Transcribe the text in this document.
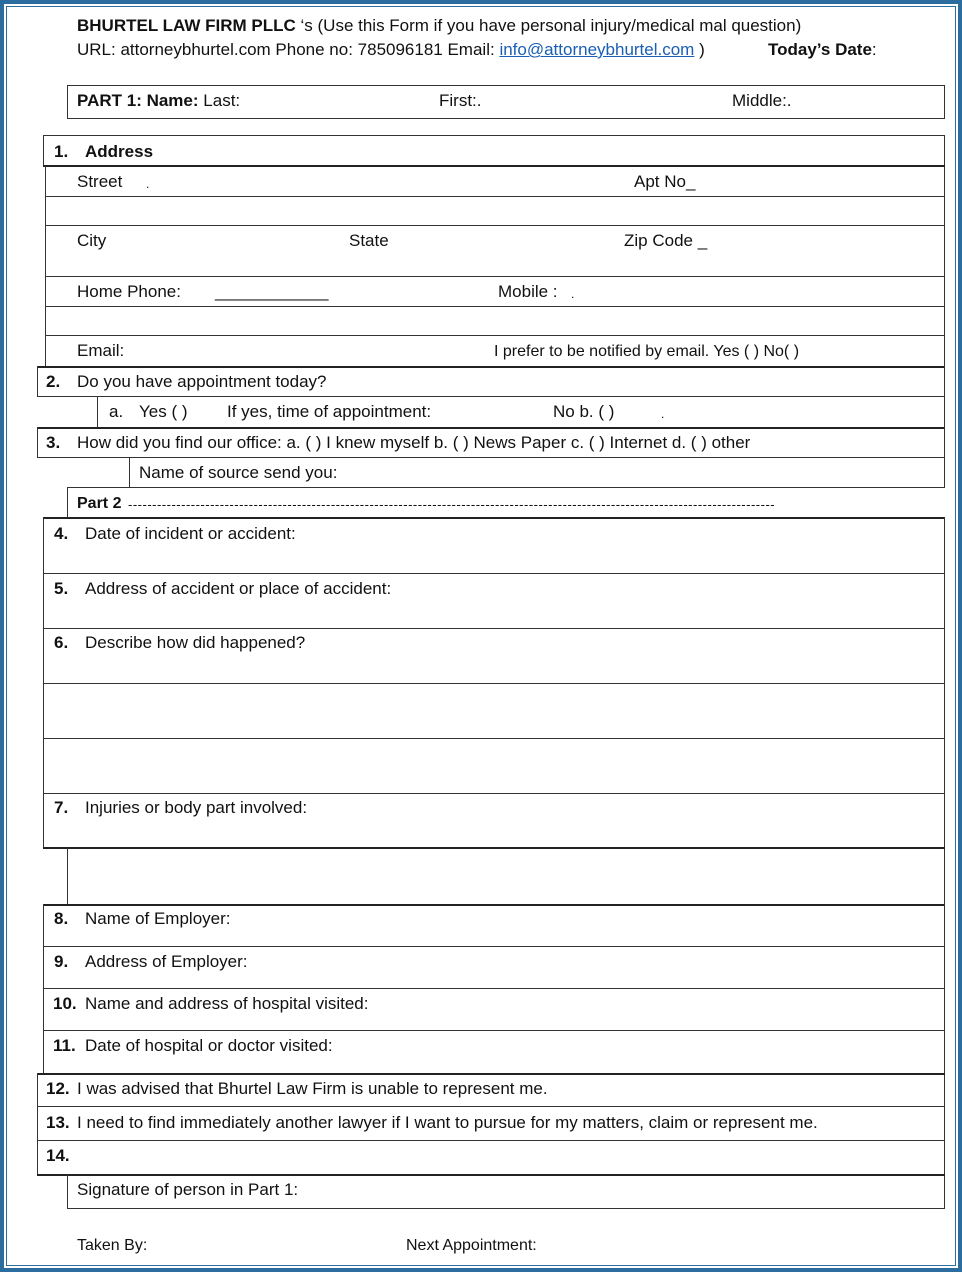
BHURTEL LAW FIRM PLLC ‘s (Use this Form if you have personal injury/medical mal question)
URL: attorneybhurtel.com Phone no: 785096181 Email: info@attorneybhurtel.com )	Today’s Date:
PART 1: Name: Last:	First:.	Middle:.
1. Address
Street .	Apt No_
City	State	Zip Code _
Home Phone: ____________	Mobile : .
Email:	I prefer to be notified by email. Yes ( ) No( )
2. Do you have appointment today?
a. Yes ( ) If yes, time of appointment:	No b. ( )	.
3. How did you find our office: a. ( ) I knew myself b. ( ) News Paper c. ( ) Internet d. ( ) other
Name of source send you:
Part 2 --------------------------------------------------------------------------------------------------------------------------------------
4. Date of incident or accident:
5. Address of accident or place of accident:
6. Describe how did happened?
7. Injuries or body part involved:
8. Name of Employer:
9. Address of Employer:
10. Name and address of hospital visited:
11. Date of hospital or doctor visited:
12. I was advised that Bhurtel Law Firm is unable to represent me.
13. I need to find immediately another lawyer if I want to pursue for my matters, claim or represent me.
14.
Signature of person in Part 1:
Taken By:	Next Appointment:
